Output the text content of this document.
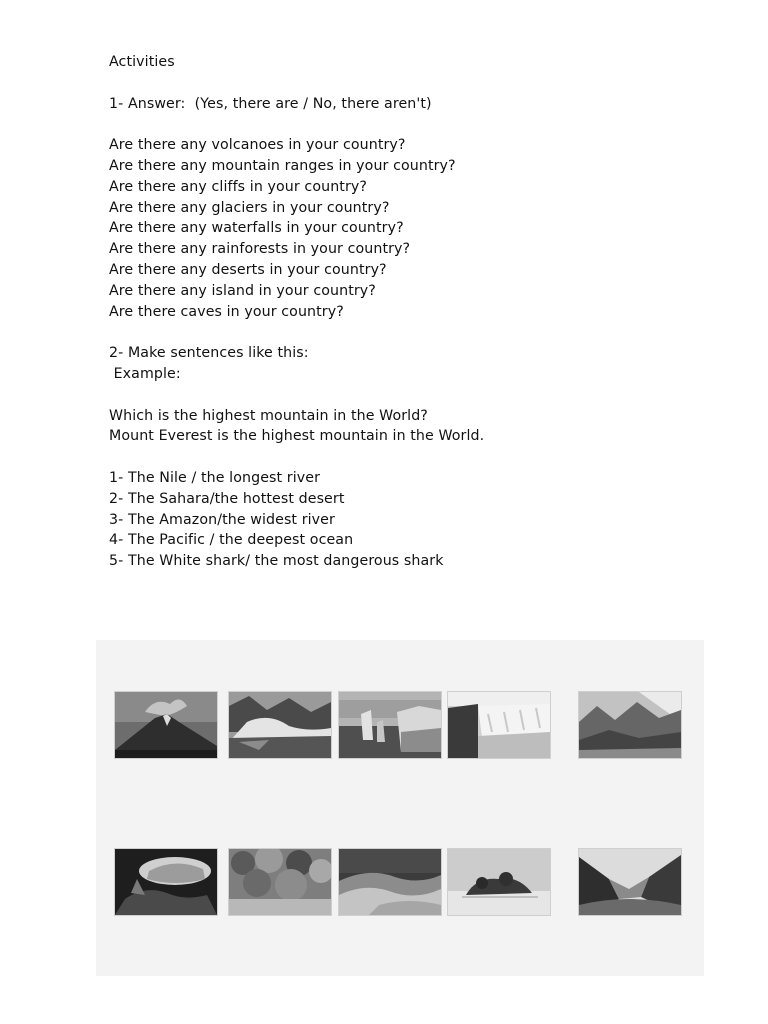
Activities
1- Answer:  (Yes, there are / No, there aren't)
Are there any volcanoes in your country?
Are there any mountain ranges in your country?
Are there any cliffs in your country?
Are there any glaciers in your country?
Are there any waterfalls in your country?
Are there any rainforests in your country?
Are there any deserts in your country?
Are there any island in your country?
Are there caves in your country?
2- Make sentences like this:
Example:
Which is the highest mountain in the World?
Mount Everest is the highest mountain in the World.
1- The Nile / the longest river
2- The Sahara/the hottest desert
3- The Amazon/the widest river
4- The Pacific / the deepest ocean
5- The White shark/ the most dangerous shark
